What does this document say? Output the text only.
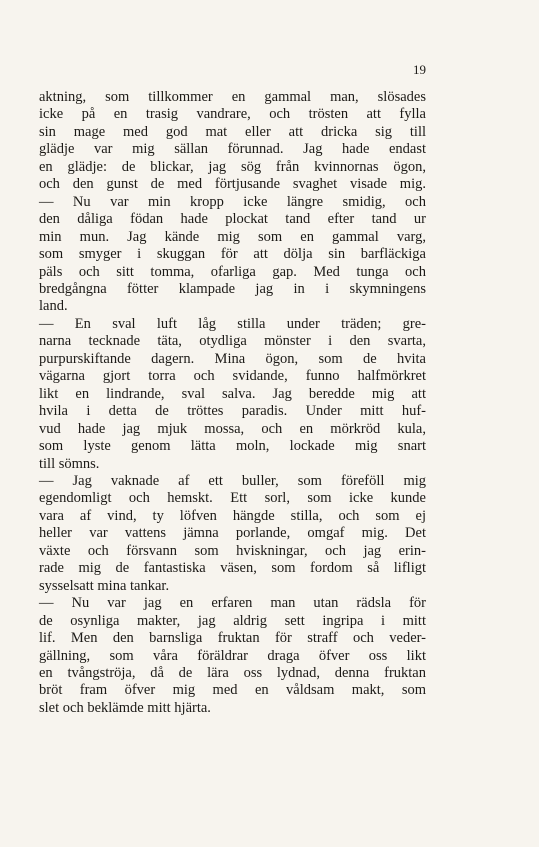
19
aktning, som tillkommer en gammal man, slösades
icke på en trasig vandrare, och trösten att fylla
sin mage med god mat eller att dricka sig till
glädje var mig sällan förunnad. Jag hade endast
en glädje: de blickar, jag sög från kvinnornas ögon,
och den gunst de med förtjusande svaghet visade mig.
— Nu var min kropp icke längre smidig, och
den dåliga födan hade plockat tand efter tand ur
min mun. Jag kände mig som en gammal varg,
som smyger i skuggan för att dölja sin barfläckiga
päls och sitt tomma, ofarliga gap. Med tunga och
bredgångna fötter klampade jag in i skymningens
land.
— En sval luft låg stilla under träden; gre-
narna tecknade täta, otydliga mönster i den svarta,
purpurskiftande dagern. Mina ögon, som de hvita
vägarna gjort torra och svidande, funno halfmörkret
likt en lindrande, sval salva. Jag beredde mig att
hvila i detta de tröttes paradis. Under mitt huf-
vud hade jag mjuk mossa, och en mörkröd kula,
som lyste genom lätta moln, lockade mig snart
till sömns.
— Jag vaknade af ett buller, som föreföll mig
egendomligt och hemskt. Ett sorl, som icke kunde
vara af vind, ty löfven hängde stilla, och som ej
heller var vattens jämna porlande, omgaf mig. Det
växte och försvann som hviskningar, och jag erin-
rade mig de fantastiska väsen, som fordom så lifligt
sysselsatt mina tankar.
— Nu var jag en erfaren man utan rädsla för
de osynliga makter, jag aldrig sett ingripa i mitt
lif. Men den barnsliga fruktan för straff och veder-
gällning, som våra föräldrar draga öfver oss likt
en tvångströja, då de lära oss lydnad, denna fruktan
bröt fram öfver mig med en våldsam makt, som
slet och beklämde mitt hjärta.
